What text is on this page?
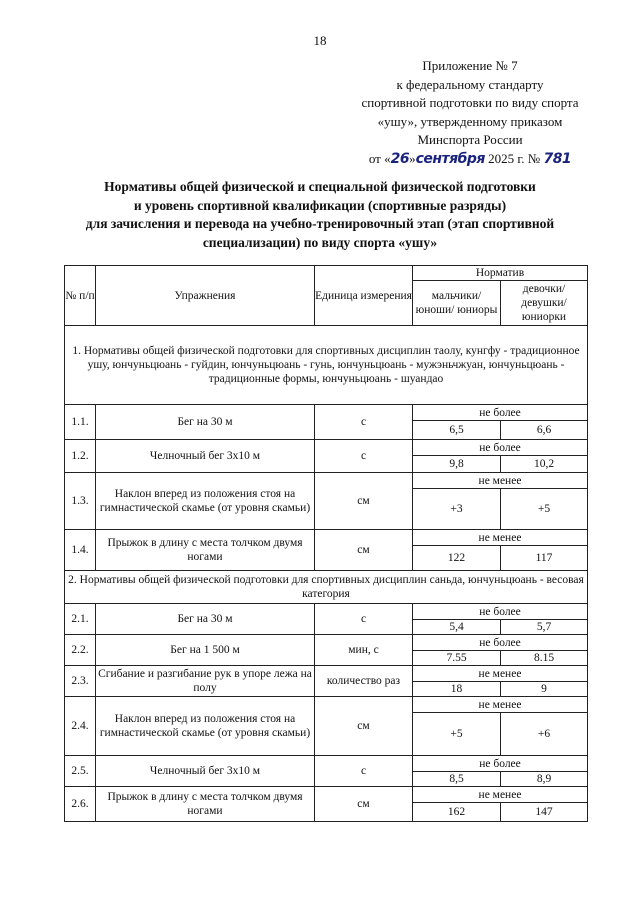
18
Приложение № 7
к федеральному стандарту
спортивной подготовки по виду спорта
«ушу», утвержденному приказом
Минспорта России
от «26»сентября 2025 г. № 781
Нормативы общей физической и специальной физической подготовки
и уровень спортивной квалификации (спортивные разряды)
для зачисления и перевода на учебно-тренировочный этап (этап спортивной
специализации) по виду спорта «ушу»
№ п/п	Упражнения	Единица измерения	Норматив	
			мальчики/ юноши/ юниоры	девочки/ девушки/ юниорки
1. Нормативы общей физической подготовки для спортивных дисциплин таолу, кунгфу - традиционное ушу, юнчуньцюань - гуйдин, юнчуньцюань - гунь, юнчуньцюань - мужэньчжуан, юнчуньцюань - традиционные формы, юнчуньцюань - шуандао				
1.1.	Бег на 30 м	с	не более	
			6,5	6,6
1.2.	Челночный бег 3х10 м	с	не более	
			9,8	10,2
1.3.	Наклон вперед из положения стоя на гимнастической скамье (от уровня скамьи)	см	не менее	
			+3	+5
1.4.	Прыжок в длину с места толчком двумя ногами	см	не менее	
			122	117
2. Нормативы общей физической подготовки для спортивных дисциплин саньда, юнчуньцюань - весовая категория				
2.1.	Бег на 30 м	с	не более	
			5,4	5,7
2.2.	Бег на 1 500 м	мин, с	не более	
			7.55	8.15
2.3.	Сгибание и разгибание рук в упоре лежа на полу	количество раз	не менее	
			18	9
2.4.	Наклон вперед из положения стоя на гимнастической скамье (от уровня скамьи)	см	не менее	
			+5	+6
2.5.	Челночный бег 3х10 м	с	не более	
			8,5	8,9
2.6.	Прыжок в длину с места толчком двумя ногами	см	не менее	
			162	147
